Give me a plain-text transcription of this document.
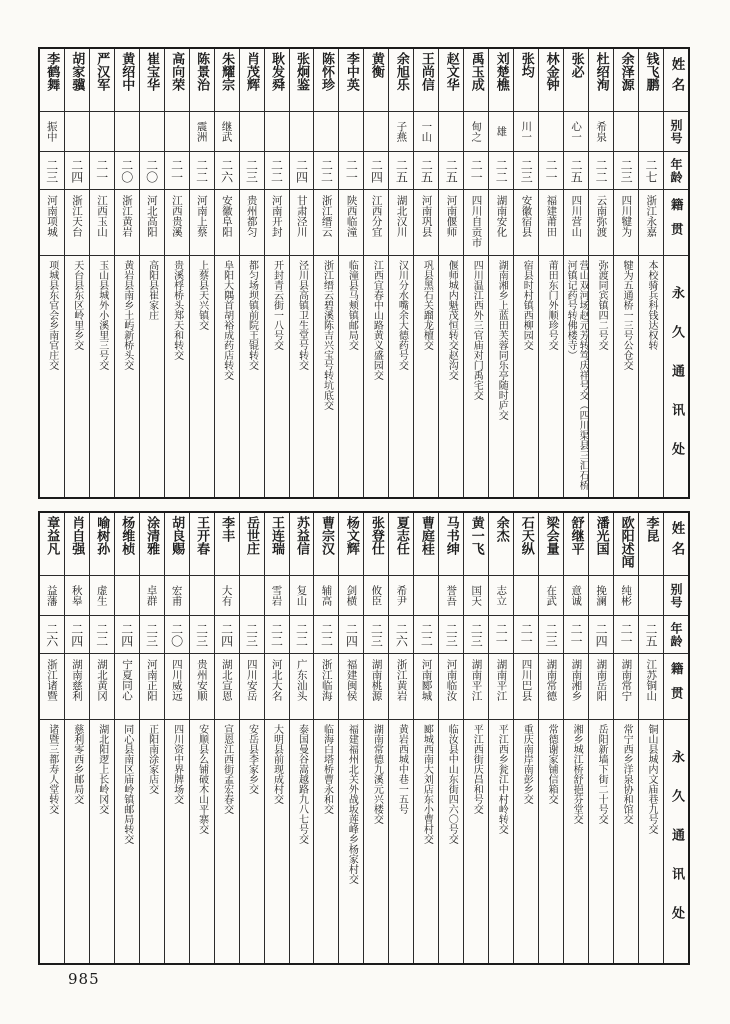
姓名
别号
年龄
籍贯
永久通讯处
钱飞鹏
二七
浙江永嘉
本校骑兵科钱达权转
余泽源
二三
四川犍为
犍为五通桥一三号公仓交
杜绍洵
希泉
二二
云南弥渡
弥渡同宾镇四二号交
张必
心一
二五
四川营山
营山双河场赵元芳转笃庆祥号交（四川渠县三汇石桥河镇记药号转佛楼寺）
林金钟
二一
福建莆田
莆田东门外顺珍号交
张均
川一
二三
安徽宿县
宿县时村镇西柳园交
刘楚樵
雄
二二
湖南安化
湖南湘乡上蓝田芙蓉同乐亭随时庐交
禹玉成
甸之
二一
四川自贡市
四川温江西外三官庙对门禹宅交
赵文华
二五
河南偃师
偃师城内魁茂恒转交赵沟交
王尚信
一山
二五
河南巩县
巩县黑石关蹓龙檀交
余旭乐
子燕
二五
湖北汉川
汉川分水嘴余大德药号交
黄衡
二四
江西分宜
江西宜春中山路黄义盛园交
李中英
二一
陕西临潼
临潼县马颊镇邮局交
陈怀珍
二二
浙江缙云
浙江缙云碧溪陈吉兴宝号转坑底交
张炯鉴
二四
甘肃泾川
泾川县高镇卫生堂号转交
耿发舜
二二
河南开封
开封青云街一八号交
肖茂辉
二三
贵州都匀
都匀场坝镇前院王锟转交
朱耀宗
继武
二六
安徽阜阳
阜阳大隅首胡裕成药店转交
陈景治
震洲
二二
河南上蔡
上蔡县天兴镇交
高向荣
二一
江西贵溪
贵溪桴桥头郑天和转交
崔宝华
二〇
河北高阳
高阳县崔家庄
黄绍中
二〇
浙江黄岩
黄岩县南乡土屿新桥头交
严汉军
二一
江西玉山
玉山县城外小溪里三号交
胡家骥
二四
浙江天台
天台县东区岭里乡交
李鹤舞
振中
二三
河南项城
项城县东官会乡南官庄交
姓名
别号
年龄
籍贯
永久通讯处
李昆
二五
江苏铜山
铜山县城内文庙巷九号交
欧阳述闻
纯彬
二一
湖南常宁
常宁西乡洋泉协和馆交
潘光国
挽澜
二四
湖南岳阳
岳阳新墙下街二十号交
舒继平
意诚
二一
湖南湘乡
湘乡城江桥舒挹芬堂交
梁会量
在武
二三
湖南常德
常德谢家铺信箱交
石天纵
二一
四川巴县
重庆南岸南彭乡交
余杰
志立
二一
湖南平江
平江西乡瓮江中村岭转交
黄一飞
国天
二三
湖南平江
平江西街庆昌和号交
马书绅
誉吾
二三
河南临汝
临汝县中山东街四六〇号交
曹庭桂
二二
河南郾城
郾城西南大刘店东小曹村交
夏志任
希尹
二六
浙江黄岩
黄岩西城中巷一五号
张登仕
攸臣
二三
湖南桃源
湖南常德九溪元兴楼交
杨文辉
剑横
二四
福建闽侯
福建福州北关外战坂莲峰乡杨家村交
曹宗汉
辅高
二二
浙江临海
临海白塔桥曹永和交
苏益信
复山
二二
广东汕头
泰国曼谷嵩越路九八七号交
王连瑞
雪岩
二二
河北大名
大明县前现成村交
岳世庄
二三
四川安岳
安岳县李家乡交
李丰
大有
二四
湖北宣恩
宣恩江西街孟宏春交
王开春
二三
贵州安顺
安顺县么铺破木山平寨交
胡良赐
宏甫
二〇
四川威远
四川资中界牌场交
涂清雅
卓群
二三
河南正阳
正阳南涂家店交
杨维桢
二四
宁夏同心
同心县南区庙岭镇邮局转交
喻树孙
虚生
二二
湖北黄冈
湖北阳逻上长岭冈交
肖自强
秋皋
二四
湖南慈利
慈利零西乡邮局交
章益凡
益藩
二六
浙江诸暨
诸暨三都寿人堂转交
985
